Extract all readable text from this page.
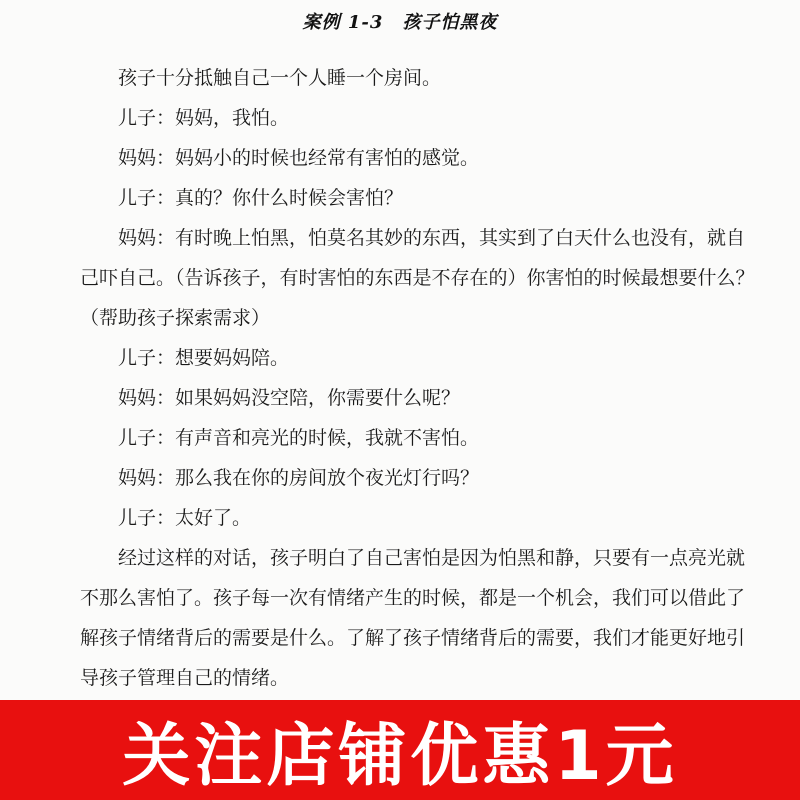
案例 1-3　孩子怕黑夜

孩子十分抵触自己一个人睡一个房间。

儿子：妈妈，我怕。

妈妈：妈妈小的时候也经常有害怕的感觉。

儿子：真的？你什么时候会害怕？

妈妈：有时晚上怕黑，怕莫名其妙的东西，其实到了白天什么也没有，就自己吓自己。（告诉孩子，有时害怕的东西是不存在的）你害怕的时候最想要什么？（帮助孩子探索需求）

儿子：想要妈妈陪。

妈妈：如果妈妈没空陪，你需要什么呢？

儿子：有声音和亮光的时候，我就不害怕。

妈妈：那么我在你的房间放个夜光灯行吗？

儿子：太好了。

经过这样的对话，孩子明白了自己害怕是因为怕黑和静，只要有一点亮光就不那么害怕了。孩子每一次有情绪产生的时候，都是一个机会，我们可以借此了解孩子情绪背后的需要是什么。了解了孩子情绪背后的需要，我们才能更好地引导孩子管理自己的情绪。

关注店铺优惠1元
